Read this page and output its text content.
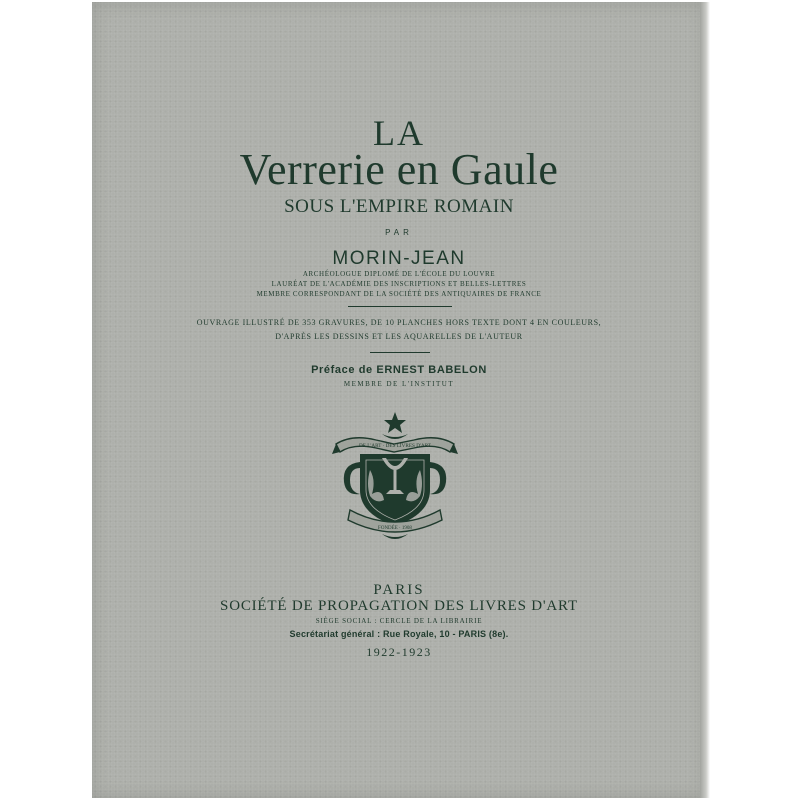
LA
Verrerie en Gaule
SOUS L'EMPIRE ROMAIN
PAR
MORIN-JEAN
ARCHÉOLOGUE DIPLOMÉ DE L'ÉCOLE DU LOUVRE
LAURÉAT DE L'ACADÉMIE DES INSCRIPTIONS ET BELLES-LETTRES
MEMBRE CORRESPONDANT DE LA SOCIÉTÉ DES ANTIQUAIRES DE FRANCE
OUVRAGE ILLUSTRÉ DE 353 GRAVURES, DE 10 PLANCHES HORS TEXTE DONT 4 EN COULEURS,
D'APRÈS LES DESSINS ET LES AQUARELLES DE L'AUTEUR
Préface de ERNEST BABELON
MEMBRE DE L'INSTITUT
DE L'ART · DES LIVRES D'ART
FONDÉE · 1908
PARIS
SOCIÉTÉ DE PROPAGATION DES LIVRES D'ART
SIÈGE SOCIAL : CERCLE DE LA LIBRAIRIE
Secrétariat général : Rue Royale, 10 - PARIS (8e).
1922-1923
